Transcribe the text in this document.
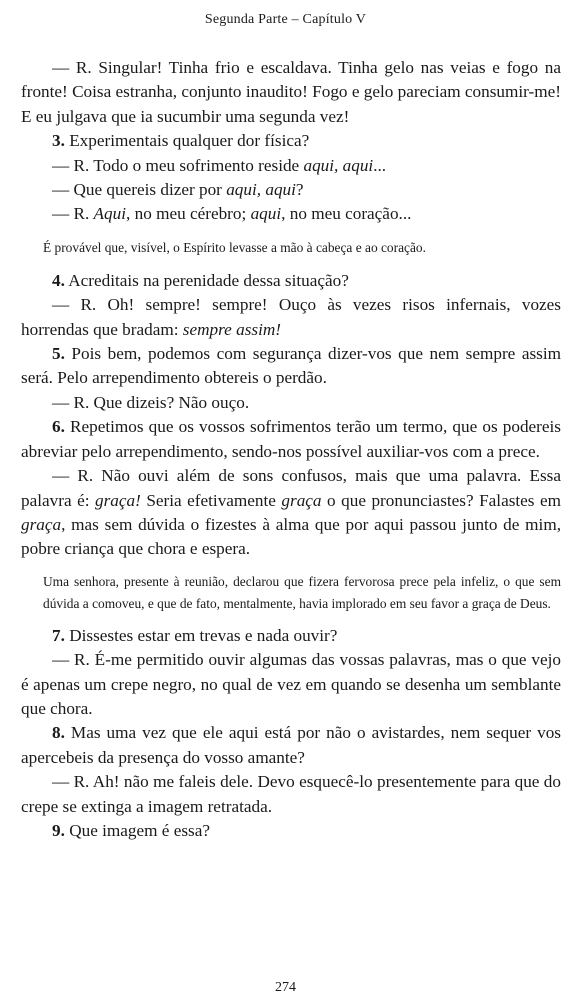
Segunda Parte – Capítulo V

— R. Singular! Tinha frio e escaldava. Tinha gelo nas veias e fogo na fronte! Coisa estranha, conjunto inaudito! Fogo e gelo pareciam consumir-me! E eu julgava que ia sucumbir uma segunda vez!

3. Experimentais qualquer dor física?

— R. Todo o meu sofrimento reside aqui, aqui...

— Que quereis dizer por aqui, aqui?

— R. Aqui, no meu cérebro; aqui, no meu coração...

É provável que, visível, o Espírito levasse a mão à cabeça e ao coração.

4. Acreditais na perenidade dessa situação?

— R. Oh! sempre! sempre! Ouço às vezes risos infernais, vozes horrendas que bradam: sempre assim!

5. Pois bem, podemos com segurança dizer-vos que nem sempre assim será. Pelo arrependimento obtereis o perdão.

— R. Que dizeis? Não ouço.

6. Repetimos que os vossos sofrimentos terão um termo, que os podereis abreviar pelo arrependimento, sendo-nos possível auxiliar-vos com a prece.

— R. Não ouvi além de sons confusos, mais que uma palavra. Essa palavra é: graça! Seria efetivamente graça o que pronunciastes? Falastes em graça, mas sem dúvida o fizestes à alma que por aqui passou junto de mim, pobre criança que chora e espera.

Uma senhora, presente à reunião, declarou que fizera fervorosa prece pela infeliz, o que sem dúvida a comoveu, e que de fato, mentalmente, havia implorado em seu favor a graça de Deus.

7. Dissestes estar em trevas e nada ouvir?

— R. É-me permitido ouvir algumas das vossas palavras, mas o que vejo é apenas um crepe negro, no qual de vez em quando se desenha um semblante que chora.

8. Mas uma vez que ele aqui está por não o avistardes, nem sequer vos apercebeis da presença do vosso amante?

— R. Ah! não me faleis dele. Devo esquecê-lo presentemente para que do crepe se extinga a imagem retratada.

9. Que imagem é essa?

274
